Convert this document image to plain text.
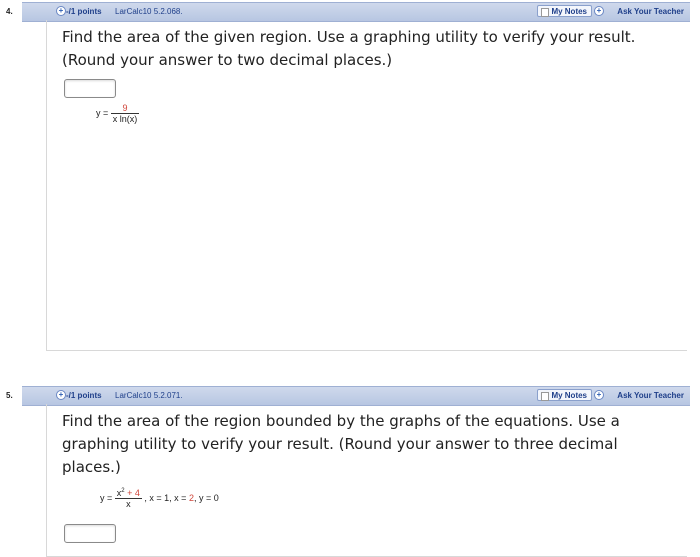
4.	+ -/1 points LarCalc10 5.2.068.	My Notes	+	Ask Your Teacher
Find the area of the given region. Use a graphing utility to verify your result. (Round your answer to two decimal places.)
$y = \frac{9}{\text{x ln(x)}}$
5.	+ -/1 points LarCalc10 5.2.071.	My Notes	+	Ask Your Teacher
Find the area of the region bounded by the graphs of the equations. Use a graphing utility to verify your result. (Round your answer to three decimal places.)
$y = \frac{x^2 + 4}{x}$ , x = 1, x = 2, y = 0
